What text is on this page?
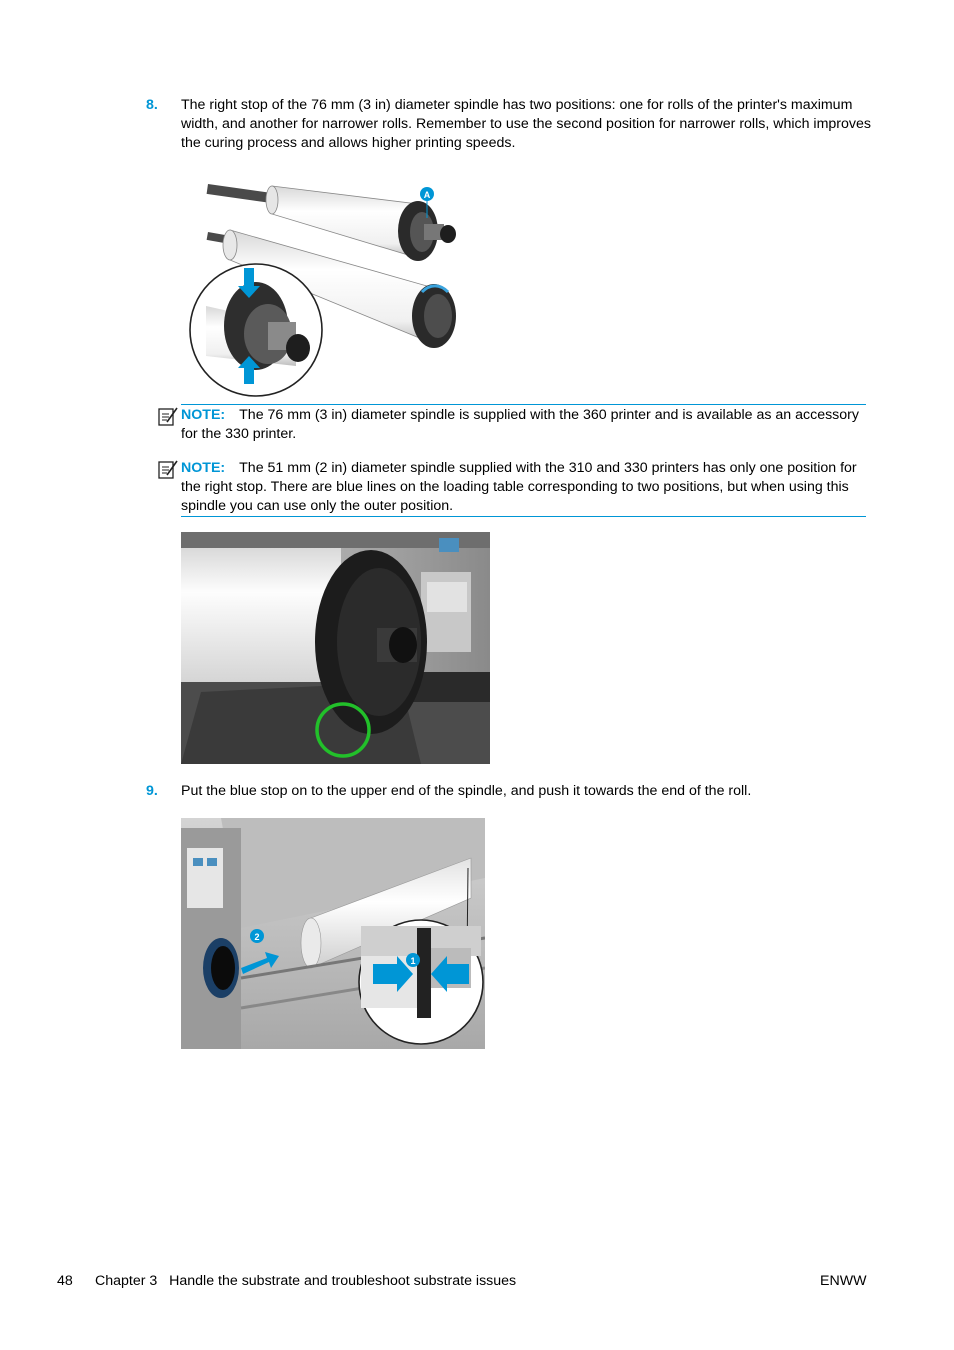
8. The right stop of the 76 mm (3 in) diameter spindle has two positions: one for rolls of the printer's maximum width, and another for narrower rolls. Remember to use the second position for narrower rolls, which improves the curing process and allows higher printing speeds.
A
NOTE: The 76 mm (3 in) diameter spindle is supplied with the 360 printer and is available as an accessory for the 330 printer.
NOTE: The 51 mm (2 in) diameter spindle supplied with the 310 and 330 printers has only one position for the right stop. There are blue lines on the loading table corresponding to two positions, but when using this spindle you can use only the outer position.
9. Put the blue stop on to the upper end of the spindle, and push it towards the end of the roll.
2
1
48 Chapter 3   Handle the substrate and troubleshoot substrate issues	ENWW
